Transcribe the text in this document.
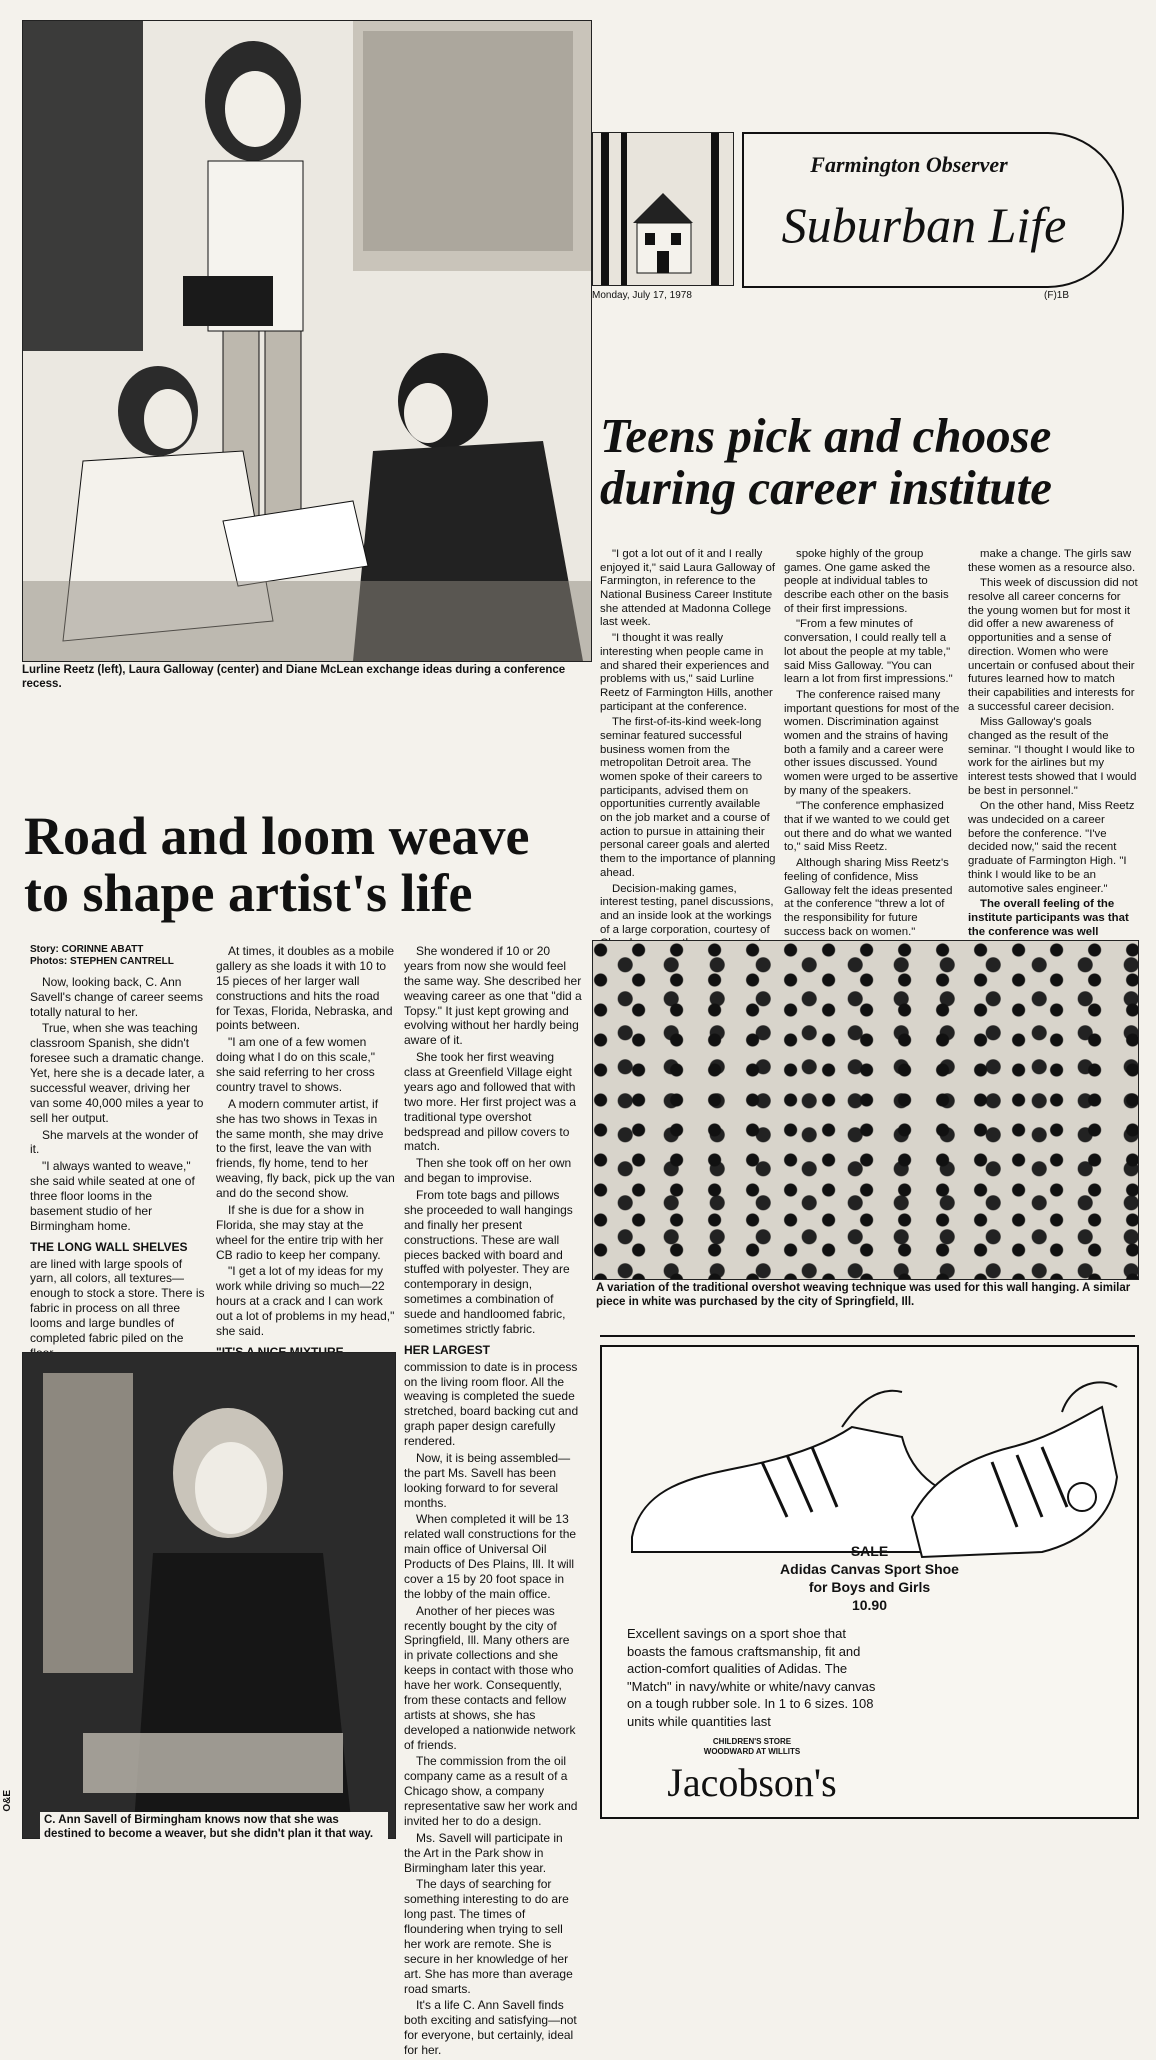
Lurline Reetz (left), Laura Galloway (center) and Diane McLean exchange ideas during a conference recess.
Farmington Observer
Suburban Life
Monday, July 17, 1978	(F)1B
Teens pick and choose
during career institute

"I got a lot out of it and I really enjoyed it," said Laura Galloway of Farmington, in reference to the National Business Career Institute she attended at Madonna College last week.

"I thought it was really interesting when people came in and shared their experiences and problems with us," said Lurline Reetz of Farmington Hills, another participant at the conference.

The first-of-its-kind week-long seminar featured successful business women from the metropolitan Detroit area. The women spoke of their careers to participants, advised them on opportunities currently available on the job market and a course of action to pursue in attaining their personal career goals and alerted them to the importance of planning ahead.

Decision-making games, interest testing, panel discussions, and an inside look at the workings of a large corporation, courtesy of

spoke highly of the group games. One game asked the people at individual tables to describe each other on the basis of their first impressions.

"From a few minutes of conversation, I could really tell a lot about the people at my table," said Miss Galloway. "You can learn a lot from first impressions."

The conference raised many important questions for most of the women. Discrimination against women and the strains of having both a family and a career were other issues discussed. Yound women were urged to be assertive by many of the speakers.

"The conference emphasized that if we wanted to we could get out there and do what we wanted to," said Miss Reetz.

Although sharing Miss Reetz's feeling of confidence, Miss Galloway felt the ideas presented at the conference "threw a lot of the responsibility for future success back on women."

make a change. The girls saw these women as a resource also.

This week of discussion did not resolve all career concerns for the young women but for most it did offer a new awareness of opportunities and a sense of direction. Women who were uncertain or confused about their futures learned how to match their capabilities and interests for a successful career decision.

Miss Galloway's goals changed as the result of the seminar. "I thought I would like to work for the airlines but my interest tests showed that I would be best in personnel."

On the other hand, Miss Reetz was undecided on a career before the conference. "I've decided now," said the recent graduate of Farmington High. "I think I would like to be an automotive sales engineer."

The overall feeling of the institute participants was that the conference was well

Road and loom weave
to shape artist's life
Story: CORINNE ABATT
Photos: STEPHEN CANTRELL

Now, looking back, C. Ann Savell's change of career seems totally natural to her.

True, when she was teaching classroom Spanish, she didn't foresee such a dramatic change. Yet, here she is a decade later, a successful weaver, driving her van some 40,000 miles a year to sell her output.

She marvels at the wonder of it.

"I always wanted to weave," she said while seated at one of three floor looms in the basement studio of her Birmingham home.

THE LONG WALL SHELVES

are lined with large spools of yarn, all colors, all textures—enough to stock a store. There is fabric in process on all three looms and large bundles of completed fabric piled on the

At times, it doubles as a mobile gallery as she loads it with 10 to 15 pieces of her larger wall constructions and hits the road for Texas, Florida, Nebraska, and points between.

"I am one of a few women doing what I do on this scale," she said referring to her cross country travel to shows.

A modern commuter artist, if she has two shows in Texas in the same month, she may drive to the first, leave the van with friends, fly home, tend to her weaving, fly back, pick up the van and do the second show.

If she is due for a show in Florida, she may stay at the wheel for the entire trip with her CB radio to keep her company.

"I get a lot of my ideas for my work while driving so much—22 hours at a crack and I can work out a lot of problems in my head," she said.

She wondered if 10 or 20 years from now she would feel the same way. She described her weaving career as one that "did a Topsy." It just kept growing and evolving without her hardly being aware of it.

She took her first weaving class at Greenfield Village eight years ago and followed that with two more. Her first project was a traditional type overshot bedspread and pillow covers to match.

Then she took off on her own and began to improvise.

From tote bags and pillows she proceeded to wall hangings and finally her present constructions. These are wall pieces backed with board and stuffed with polyester. They are contemporary in design, sometimes a combination of suede and handloomed fabric, sometimes strictly fabric.

HER LARGEST

commission to date is in process on the living room floor. All the weaving is completed the suede stretched, board backing cut and graph paper design carefully rendered.

Now, it is being assembled—the part Ms. Savell has been looking forward to for several months.

When completed it will be 13 related wall constructions for the main office of Universal Oil Products of Des Plains, Ill. It will cover a 15 by 20 foot space in the lobby of the main office.

Another of her pieces was recently bought by the city of Springfield, Ill. Many others are in private collections and she keeps in contact with those who have her work. Consequently, from these contacts and fellow artists at shows, she has developed a nationwide network of friends.

The commission from the oil company came as a result of a Chicago show, a company representative saw her work and invited her to do a design.

Ms. Savell will participate in the Art in the Park show in Birmingham later this year.

The days of searching for something interesting to do are long past. The times of floundering when trying to sell her work are remote. She is secure in her knowledge of her art. She has more than average road smarts.

It's a life C. Ann Savell finds both exciting and satisfying—not for everyone, but certainly, ideal for her.

A variation of the traditional overshot weaving technique was used for this wall hanging. A similar piece in white was purchased by the city of Springfield, Ill.
C. Ann Savell of Birmingham knows now that she was destined to become a weaver, but she didn't plan it that way.
O&E
SALE
Adidas Canvas Sport Shoe
for Boys and Girls
10.90
Excellent savings on a sport shoe that boasts the famous craftsmanship, fit and action-comfort qualities of Adidas. The "Match" in navy/white or white/navy canvas on a tough rubber sole. In 1 to 6 sizes. 108 units while quantities last
CHILDREN'S STORE
WOODWARD AT WILLITS
Jacobson's
